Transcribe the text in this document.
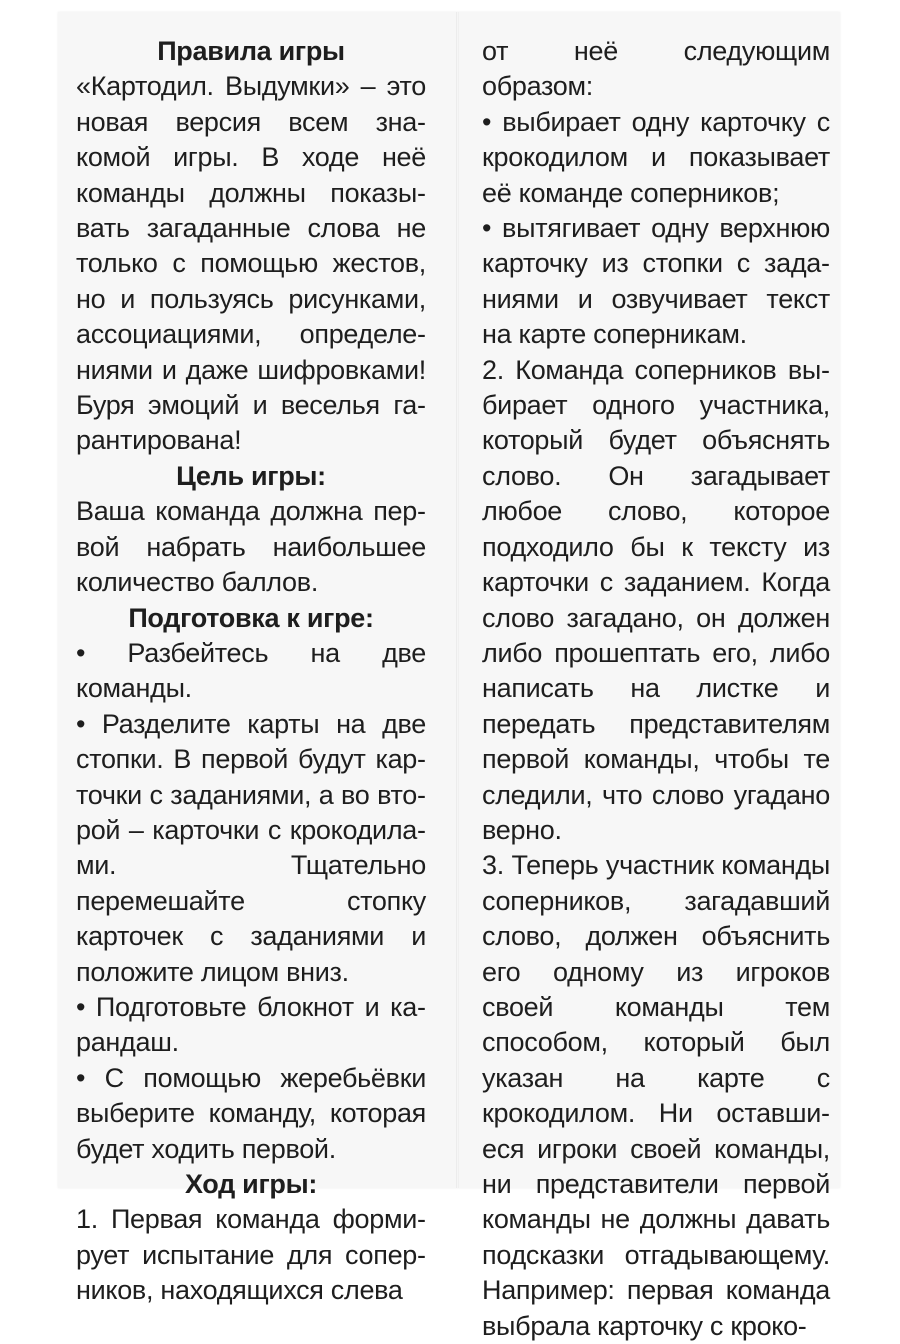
Правила игры

«Картодил. Выдумки» – это новая версия всем знакомой игры. В ходе неё команды должны показывать загаданные слова не только с помощью жестов, но и пользуясь рисунками, ассоциациями, определениями и даже шифровками! Буря эмоций и веселья гарантирована!

Цель игры:

Ваша команда должна первой набрать наибольшее количество баллов.

Подготовка к игре:

• Разбейтесь на две команды.

• Разделите карты на две стопки. В первой будут карточки с заданиями, а во второй – карточки с крокодилами. Тщательно перемешайте стопку карточек с заданиями и положите лицом вниз.

• Подготовьте блокнот и карандаш.

• С помощью жеребьёвки выберите команду, которая будет ходить первой.

Ход игры:

1. Первая команда формирует испытание для соперников, находящихся слева

от неё следующим образом:

• выбирает одну карточку с крокодилом и показывает её команде соперников;

• вытягивает одну верхнюю карточку из стопки с заданиями и озвучивает текст на карте соперникам.

2. Команда соперников выбирает одного участника, который будет объяснять слово. Он загадывает любое слово, которое подходило бы к тексту из карточки с заданием. Когда слово загадано, он должен либо прошептать его, либо написать на листке и передать представителям первой команды, чтобы те следили, что слово угадано верно.

3. Теперь участник команды соперников, загадавший слово, должен объяснить его одному из игроков своей команды тем способом, который был указан на карте с крокодилом. Ни оставшиеся игроки своей команды, ни представители первой команды не должны давать подсказки отгадывающему. Например: первая команда выбрала карточку с кроко-
